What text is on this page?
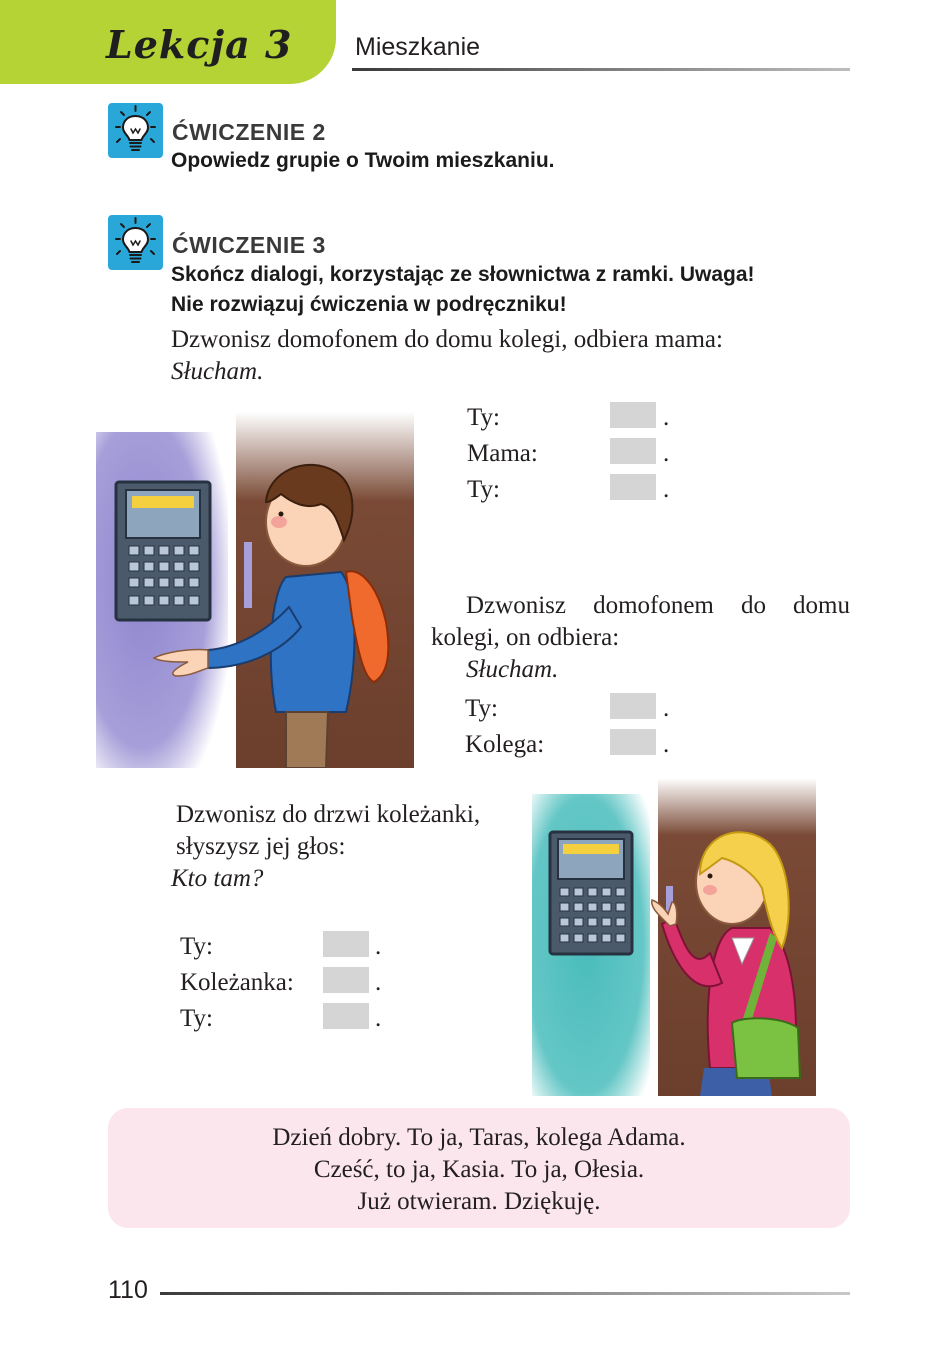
Lekcja 3	Mieszkanie
ĆWICZENIE 2
Opowiedz grupie o Twoim mieszkaniu.
ĆWICZENIE 3
Skończ dialogi, korzystając ze słownictwa z ramki. Uwaga!
Nie rozwiązuj ćwiczenia w podręczniku!
Dzwonisz domofonem do domu kolegi, odbiera mama:
Słucham.
Ty:	.
Mama:	.
Ty:	.
Dzwonisz domofonem do domu
kolegi, on odbiera:
Słucham.
Ty:	.
Kolega:	.
Dzwonisz do drzwi koleżanki,
słyszysz jej głos:
Kto tam?
Ty:	.
Koleżanka:	.
Ty:	.
Dzień dobry. To ja, Taras, kolega Adama.
Cześć, to ja, Kasia. To ja, Ołesia.
Już otwieram. Dziękuję.
110
